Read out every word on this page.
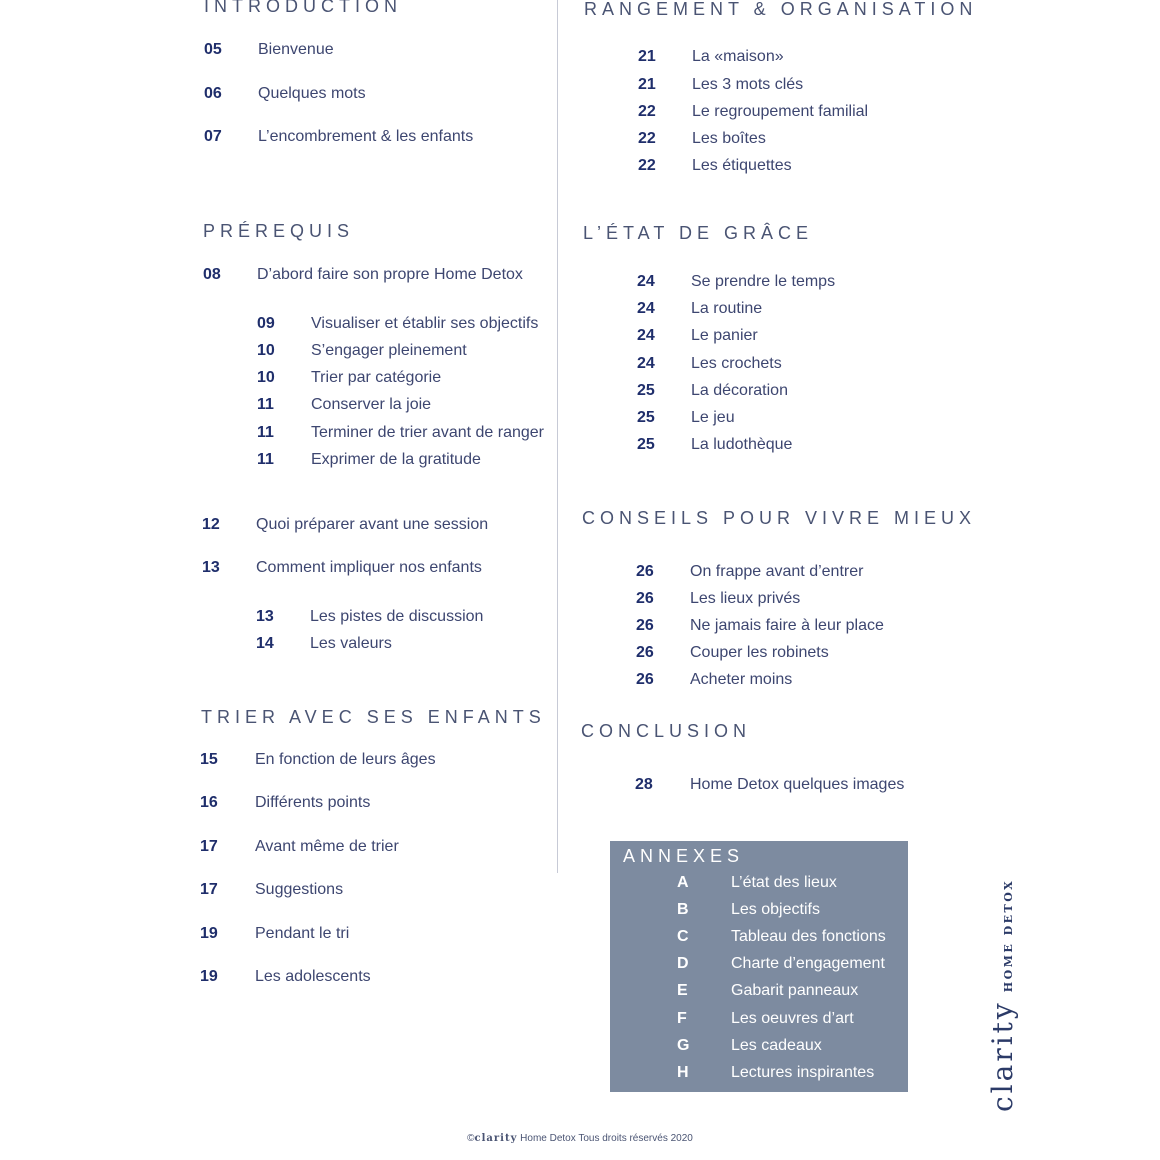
INTRODUCTION
05 Bienvenue
06 Quelques mots
07 L’encombrement & les enfants
PRÉREQUIS
08 D’abord faire son propre Home Detox
09 Visualiser et établir ses objectifs
10 S’engager pleinement
10 Trier par catégorie
11 Conserver la joie
11 Terminer de trier avant de ranger
11 Exprimer de la gratitude
12 Quoi préparer avant une session
13 Comment impliquer nos enfants
13 Les pistes de discussion
14 Les valeurs
TRIER AVEC SES ENFANTS
15 En fonction de leurs âges
16 Différents points
17 Avant même de trier
17 Suggestions
19 Pendant le tri
19 Les adolescents
RANGEMENT & ORGANISATION
21 La «maison»
21 Les 3 mots clés
22 Le regroupement familial
22 Les boîtes
22 Les étiquettes
L’ÉTAT DE GRÂCE
24 Se prendre le temps
24 La routine
24 Le panier
24 Les crochets
25 La décoration
25 Le jeu
25 La ludothèque
CONSEILS POUR VIVRE MIEUX
26 On frappe avant d’entrer
26 Les lieux privés
26 Ne jamais faire à leur place
26 Couper les robinets
26 Acheter moins
CONCLUSION
28 Home Detox quelques images
ANNEXES
A	L’état des lieux
B	Les objectifs
C	Tableau des fonctions
D	Charte d’engagement
E	Gabarit panneaux
F	Les oeuvres d’art
G	Les cadeaux
H	Lectures inspirantes	clarityHOME DETOX
©clarity Home Detox Tous droits réservés 2020
